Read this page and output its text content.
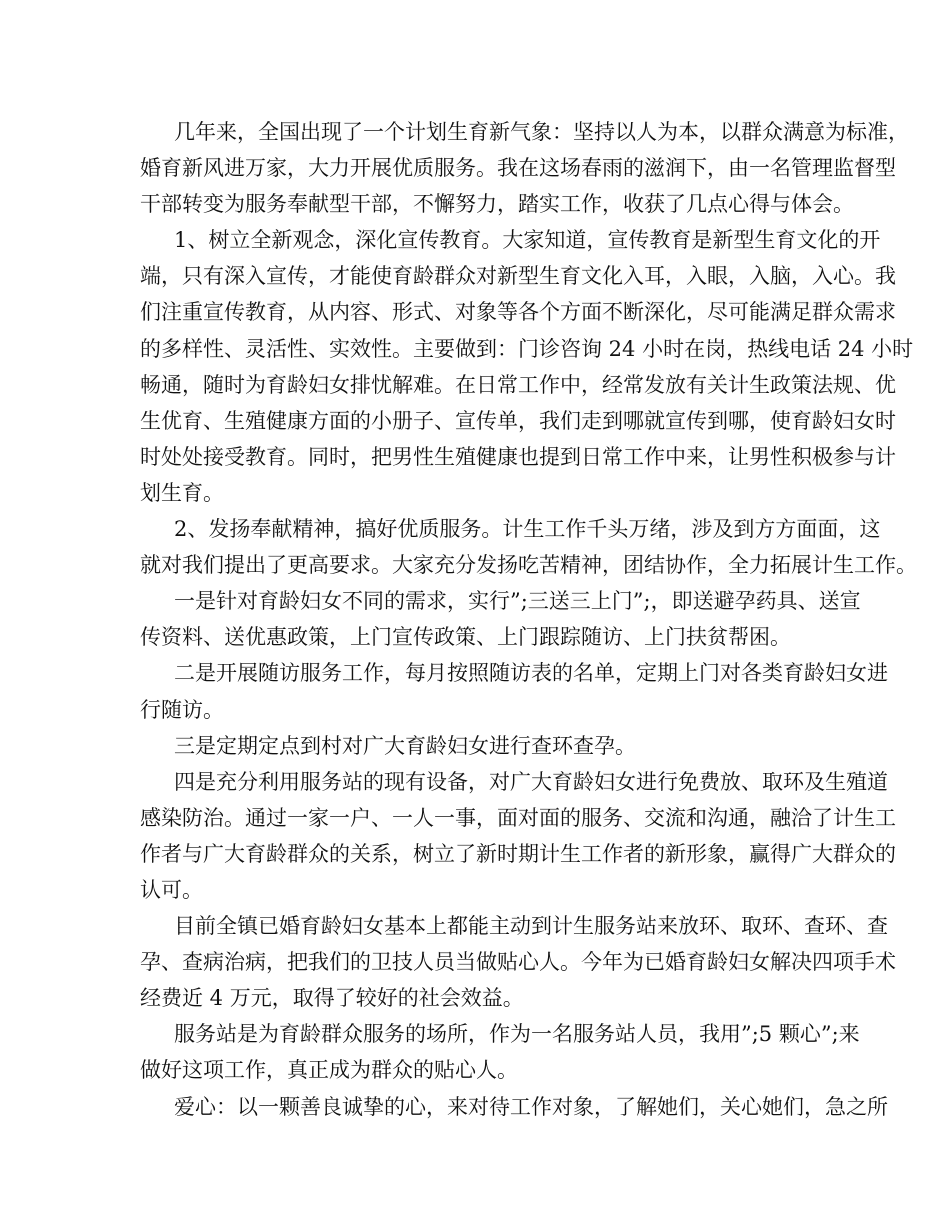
几年来，全国出现了一个计划生育新气象：坚持以人为本，以群众满意为标准，
婚育新风进万家，大力开展优质服务。我在这场春雨的滋润下，由一名管理监督型
干部转变为服务奉献型干部，不懈努力，踏实工作，收获了几点心得与体会。
1、树立全新观念，深化宣传教育。大家知道，宣传教育是新型生育文化的开
端，只有深入宣传，才能使育龄群众对新型生育文化入耳，入眼，入脑，入心。我
们注重宣传教育，从内容、形式、对象等各个方面不断深化，尽可能满足群众需求
的多样性、灵活性、实效性。主要做到：门诊咨询 24 小时在岗，热线电话 24 小时
畅通，随时为育龄妇女排忧解难。在日常工作中，经常发放有关计生政策法规、优
生优育、生殖健康方面的小册子、宣传单，我们走到哪就宣传到哪，使育龄妇女时
时处处接受教育。同时，把男性生殖健康也提到日常工作中来，让男性积极参与计
划生育。
2、发扬奉献精神，搞好优质服务。计生工作千头万绪，涉及到方方面面，这
就对我们提出了更高要求。大家充分发扬吃苦精神，团结协作，全力拓展计生工作。
一是针对育龄妇女不同的需求，实行”;三送三上门”;，即送避孕药具、送宣
传资料、送优惠政策，上门宣传政策、上门跟踪随访、上门扶贫帮困。
二是开展随访服务工作，每月按照随访表的名单，定期上门对各类育龄妇女进
行随访。
三是定期定点到村对广大育龄妇女进行查环查孕。
四是充分利用服务站的现有设备，对广大育龄妇女进行免费放、取环及生殖道
感染防治。通过一家一户、一人一事，面对面的服务、交流和沟通，融洽了计生工
作者与广大育龄群众的关系，树立了新时期计生工作者的新形象，赢得广大群众的
认可。
目前全镇已婚育龄妇女基本上都能主动到计生服务站来放环、取环、查环、查
孕、查病治病，把我们的卫技人员当做贴心人。今年为已婚育龄妇女解决四项手术
经费近 4 万元，取得了较好的社会效益。
服务站是为育龄群众服务的场所，作为一名服务站人员，我用”;5 颗心”;来
做好这项工作，真正成为群众的贴心人。
爱心：以一颗善良诚挚的心，来对待工作对象，了解她们，关心她们，急之所
